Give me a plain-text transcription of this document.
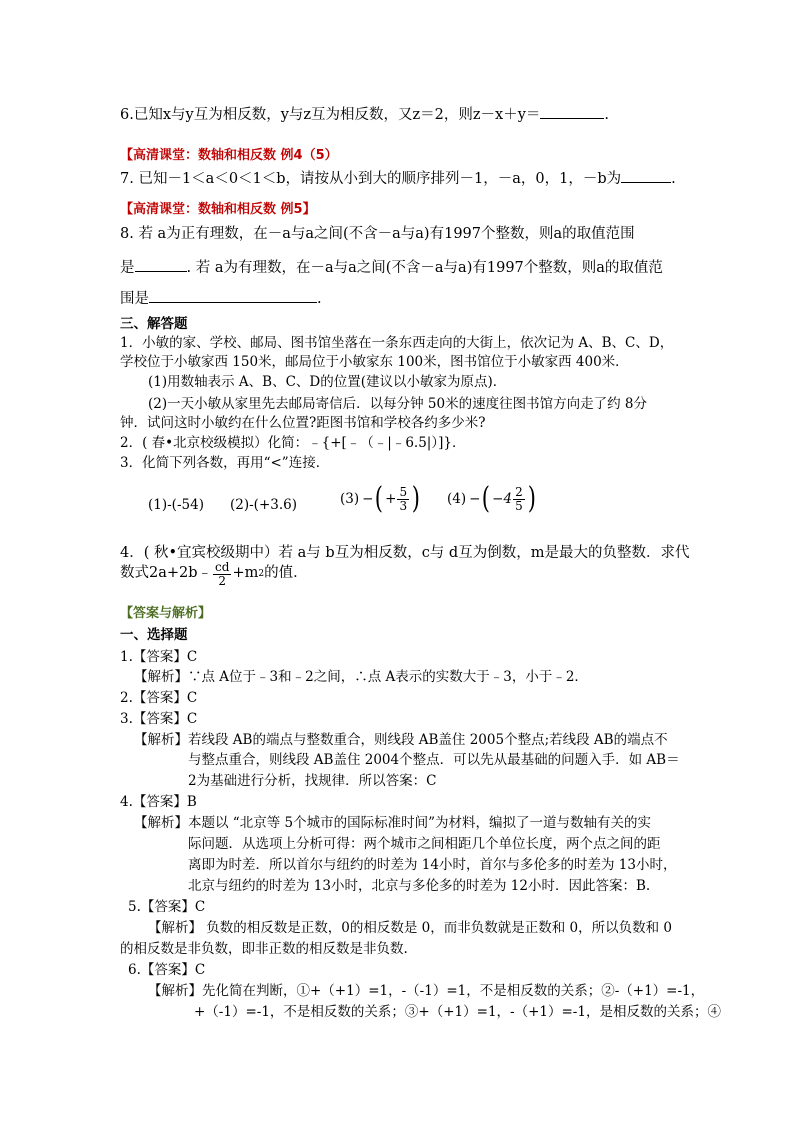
6.已知x与y互为相反数，y与z互为相反数，又z＝2，则z－x＋y＝	.
【高清课堂：数轴和相反数 例4（5）
7. 已知－1＜a＜0＜1＜b，请按从小到大的顺序排列－1，－a，0，1，－b为	.
【高清课堂：数轴和相反数 例5】
8. 若 a为正有理数，在－a与a之间(不含－a与a)有1997个整数，则a的取值范围
是	. 若 a为有理数，在－a与a之间(不含－a与a)有1997个整数，则a的取值范
围是	.
三、解答题
1．小敏的家、学校、邮局、图书馆坐落在一条东西走向的大街上，依次记为 A、B、C、D，
学校位于小敏家西 150米，邮局位于小敏家东 100米，图书馆位于小敏家西 400米．
(1)用数轴表示 A、B、C、D的位置(建议以小敏家为原点)．
(2)一天小敏从家里先去邮局寄信后．以每分钟 50米的速度往图书馆方向走了约 8分
钟．试问这时小敏约在什么位置?距图书馆和学校各约多少米?
2．( 春•北京校级模拟）化简：﹣{+[﹣（﹣|﹣6.5|）]}．
3．化简下列各数，再用“<”连接．
(1) -(-54) (2) -(+3.6)	(3) − ( + $\frac{5}{3}$ ) (4) − ( $-4 \frac{2}{5}$ )
4．( 秋•宜宾校级期中）若 a与 b互为相反数，c与 d互为倒数，m是最大的负整数．求代
数式2a+2b﹣ $\frac{cd}{2} +m$ 2 的值．
【答案与解析】
一、选择题
1.【答案】C
【解析】∵点 A位于﹣3和﹣2之间，∴点 A表示的实数大于﹣3，小于﹣2．
2.【答案】C
3.【答案】C
【解析】若线段 AB的端点与整数重合，则线段 AB盖住 2005个整点;若线段 AB的端点不
与整点重合，则线段 AB盖住 2004个整点．可以先从最基础的问题入手．如 AB＝
2为基础进行分析，找规律．所以答案：C
4.【答案】B
【解析】本题以 “北京等 5个城市的国际标准时间”为材料，编拟了一道与数轴有关的实
际问题．从选项上分析可得：两个城市之间相距几个单位长度，两个点之间的距
离即为时差．所以首尔与纽约的时差为 14小时，首尔与多伦多的时差为 13小时，
北京与纽约的时差为 13小时，北京与多伦多的时差为 12小时．因此答案：B.
5.【答案】C
【解析】 负数的相反数是正数，0的相反数是 0，而非负数就是正数和 0，所以负数和 0
的相反数是非负数，即非正数的相反数是非负数.
6.【答案】C
【解析】先化简在判断，①+（+1）=1，-（-1）=1，不是相反数的关系；②-（+1）=-1，
+（-1）=-1，不是相反数的关系；③+（+1）=1，-（+1）=-1，是相反数的关系；④
